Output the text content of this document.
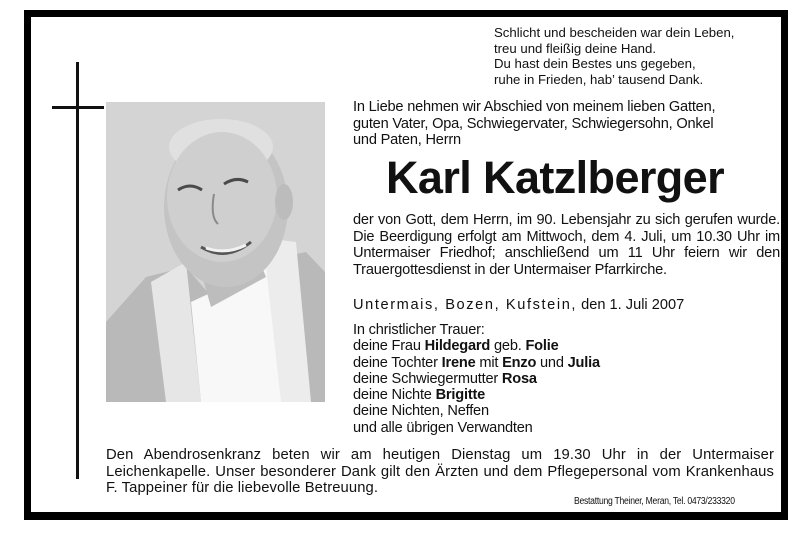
Schlicht und bescheiden war dein Leben,
treu und fleißig deine Hand.
Du hast dein Bestes uns gegeben,
ruhe in Frieden, hab’ tausend Dank.
In Liebe nehmen wir Abschied von meinem lieben Gatten,
guten Vater, Opa, Schwiegervater, Schwiegersohn, Onkel
und Paten, Herrn
Karl Katzlberger
der von Gott, dem Herrn, im 90. Lebensjahr zu sich gerufen wurde. Die Beerdigung erfolgt am Mittwoch, dem 4. Juli, um 10.30 Uhr im Untermaiser Friedhof; anschließend um 11 Uhr feiern wir den Trauergottesdienst in der Untermaiser Pfarrkirche.
Untermais, Bozen, Kufstein, den 1. Juli 2007
In christlicher Trauer:
deine Frau Hildegard geb. Folie
deine Tochter Irene mit Enzo und Julia
deine Schwiegermutter Rosa
deine Nichte Brigitte
deine Nichten, Neffen
und alle übrigen Verwandten
Den Abendrosenkranz beten wir am heutigen Dienstag um 19.30 Uhr in der Untermaiser Leichenkapelle. Unser besonderer Dank gilt den Ärzten und dem Pflegepersonal vom Krankenhaus F. Tappeiner für die liebevolle Betreuung.
Bestattung Theiner, Meran, Tel. 0473/233320
